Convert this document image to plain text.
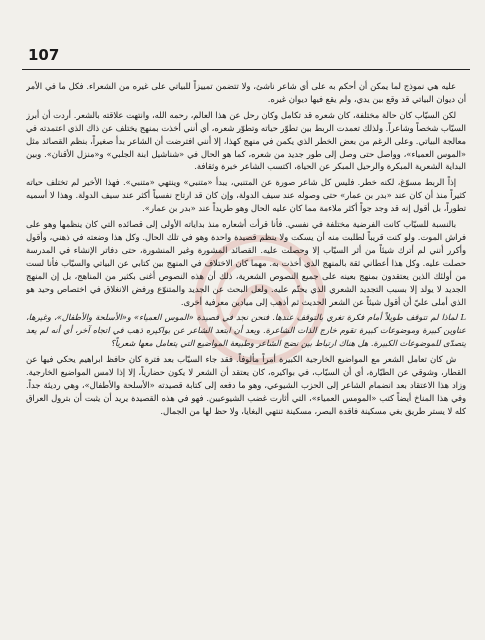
107

عليه هي نموذج لما يمكن أن أحكم به على أي شاعر ناشئ، ولا تتضمن تمييزاً للبياتي على غيره من الشعراء. فكل ما في الأمر أن ديوان البياتي قد وقع بين يدي، ولم يقع فيها ديوان غيره.

لكن السيّاب كان حالة مختلفة، كان شعره قد تكامل وكان رحل عن هذا العالم، رحمه الله، وانتهت علاقته بالشعر. أردت أن أبرز السيّاب شخصاً وشاعراً. ولذلك تعمدت الربط بين تطوّر حياته وتطوّر شعره، أي أنني أخذت بمنهج يختلف عن ذاك الذي اعتمدته في معالجة البياتي. وعلى الرغم من بعض الخطر الذي يكمن في منهج كهذا، إلا أنني افترضت أن الشاعر بدأ صغيراً، بنظم القصائد مثل «الموس العمياء»، وواصل حتى وصل إلى طور جديد من شعره، كما هو الحال في «شناشيل ابنة الجلبي» و«منزل الأقنان». وبين البداية الشعرية المبكرة والرحيل المبكر عن الحياة، اكتسب الشاعر خبرة وثقافة.

إذاً الربط مسوّغ، لكنه خطر. فليس كل شاعر صورة عن المتنبي، يبدأ «متنبي» وينتهي «متنبي». فهذا الأخير لم تختلف حياته كثيراً منذ أن كان عند «بدر بن عمار» حتى وصوله عند سيف الدولة، وإن كان قد ارتاح نفسياً أكثر عند سيف الدولة. وهذا لا أسميه تطوراً، بل أقول إنه قد وجد جواً أكثر ملاءمة مما كان عليه الحال وهو طريداً عند «بدر بن عمار».

بالنسبة للسيّاب كانت الفرضية مختلفة في نفسي. فأنا قرأت أشعاره منذ بداياته الأولى إلى قصائده التي كان ينظمها وهو على فراش الموت. ولو كنت قريباً لطلبت منه أن يسكت ولا ينظم قصيدة واحدة وهو في تلك الحال. وكل هذا وضعته في ذهني، وأقول وأكرر أنني لم أترك شيئاً من أثر السيّاب إلا وحصلت عليه. القصائد المشورة وغير المنشورة، حتى دفاتر الإنشاء في المدرسة حصلت عليه. وكل هذا أعطاني ثقة بالمنهج الذي أخذت به. مهما كان الاختلاف في المنهج بين كتابي عن البياتي والسيّاب فأنا لست من أولئك الذين يعتقدون بمنهج بعينه على جميع النصوص الشعرية، ذلك أن هذه النصوص أغنى بكثير من المناهج، بل إن المنهج الجديد لا يولد إلا بسبب التجديد الشعري الذي يحتّم عليه. ولعل البحث عن الجديد والمتنوّع ورفض الانغلاق في اختصاص وحيد هو الذي أملى عليّ أن أقول شيئاً عن الشعر الحديث ثم أذهب إلى ميادين معرفية أخرى.

L لماذا لم تتوقف طويلاً أمام فكرة تغري بالتوقف عندها. فنحن نجد في قصيدة «الموس العمياء» و«الأسلحة والأطفال»، وغيرها، عناوين كبيرة وموضوعات كبيرة تقوم خارج الذات الشاعرة. وبعد أن ابتعد الشاعر عن بواكيره ذهب في اتجاه آخر، أي أنه لم يعد يتصدّى للموضوعات الكبيرة. هل هناك ارتباط بين نضج الشاعر وطبيعة المواضيع التي يتعامل معها شعرياً؟

ش كان تعامل الشعر مع المواضيع الخارجية الكبيرة أمراً مألوفاً. فقد جاء السيّاب بعد فترة كان حافظ ابراهيم يحكي فيها عن القطار، وشوقي عن الطيّارة، أي أن السيّاب، في بواكيره، كان يعتقد أن الشعر لا يكون حضارياً، إلا إذا لامس المواضيع الخارجية. وزاد هذا الاعتقاد بعد انضمام الشاعر إلى الحزب الشيوعي، وهو ما دفعه إلى كتابة قصيدته «الأسلحة والأطفال»، وهي رديئة جداً. وفي هذا المناخ أيضاً كتب «المومس العمياء»، التي أثارت غضب الشيوعيين. فهو في هذه القصيدة يريد أن يثبت أن بترول العراق كله لا يستر طريق بغي مسكينة فاقدة البصر، مسكينة تنتهي البغايا، ولا حظ لها من الجمال.
